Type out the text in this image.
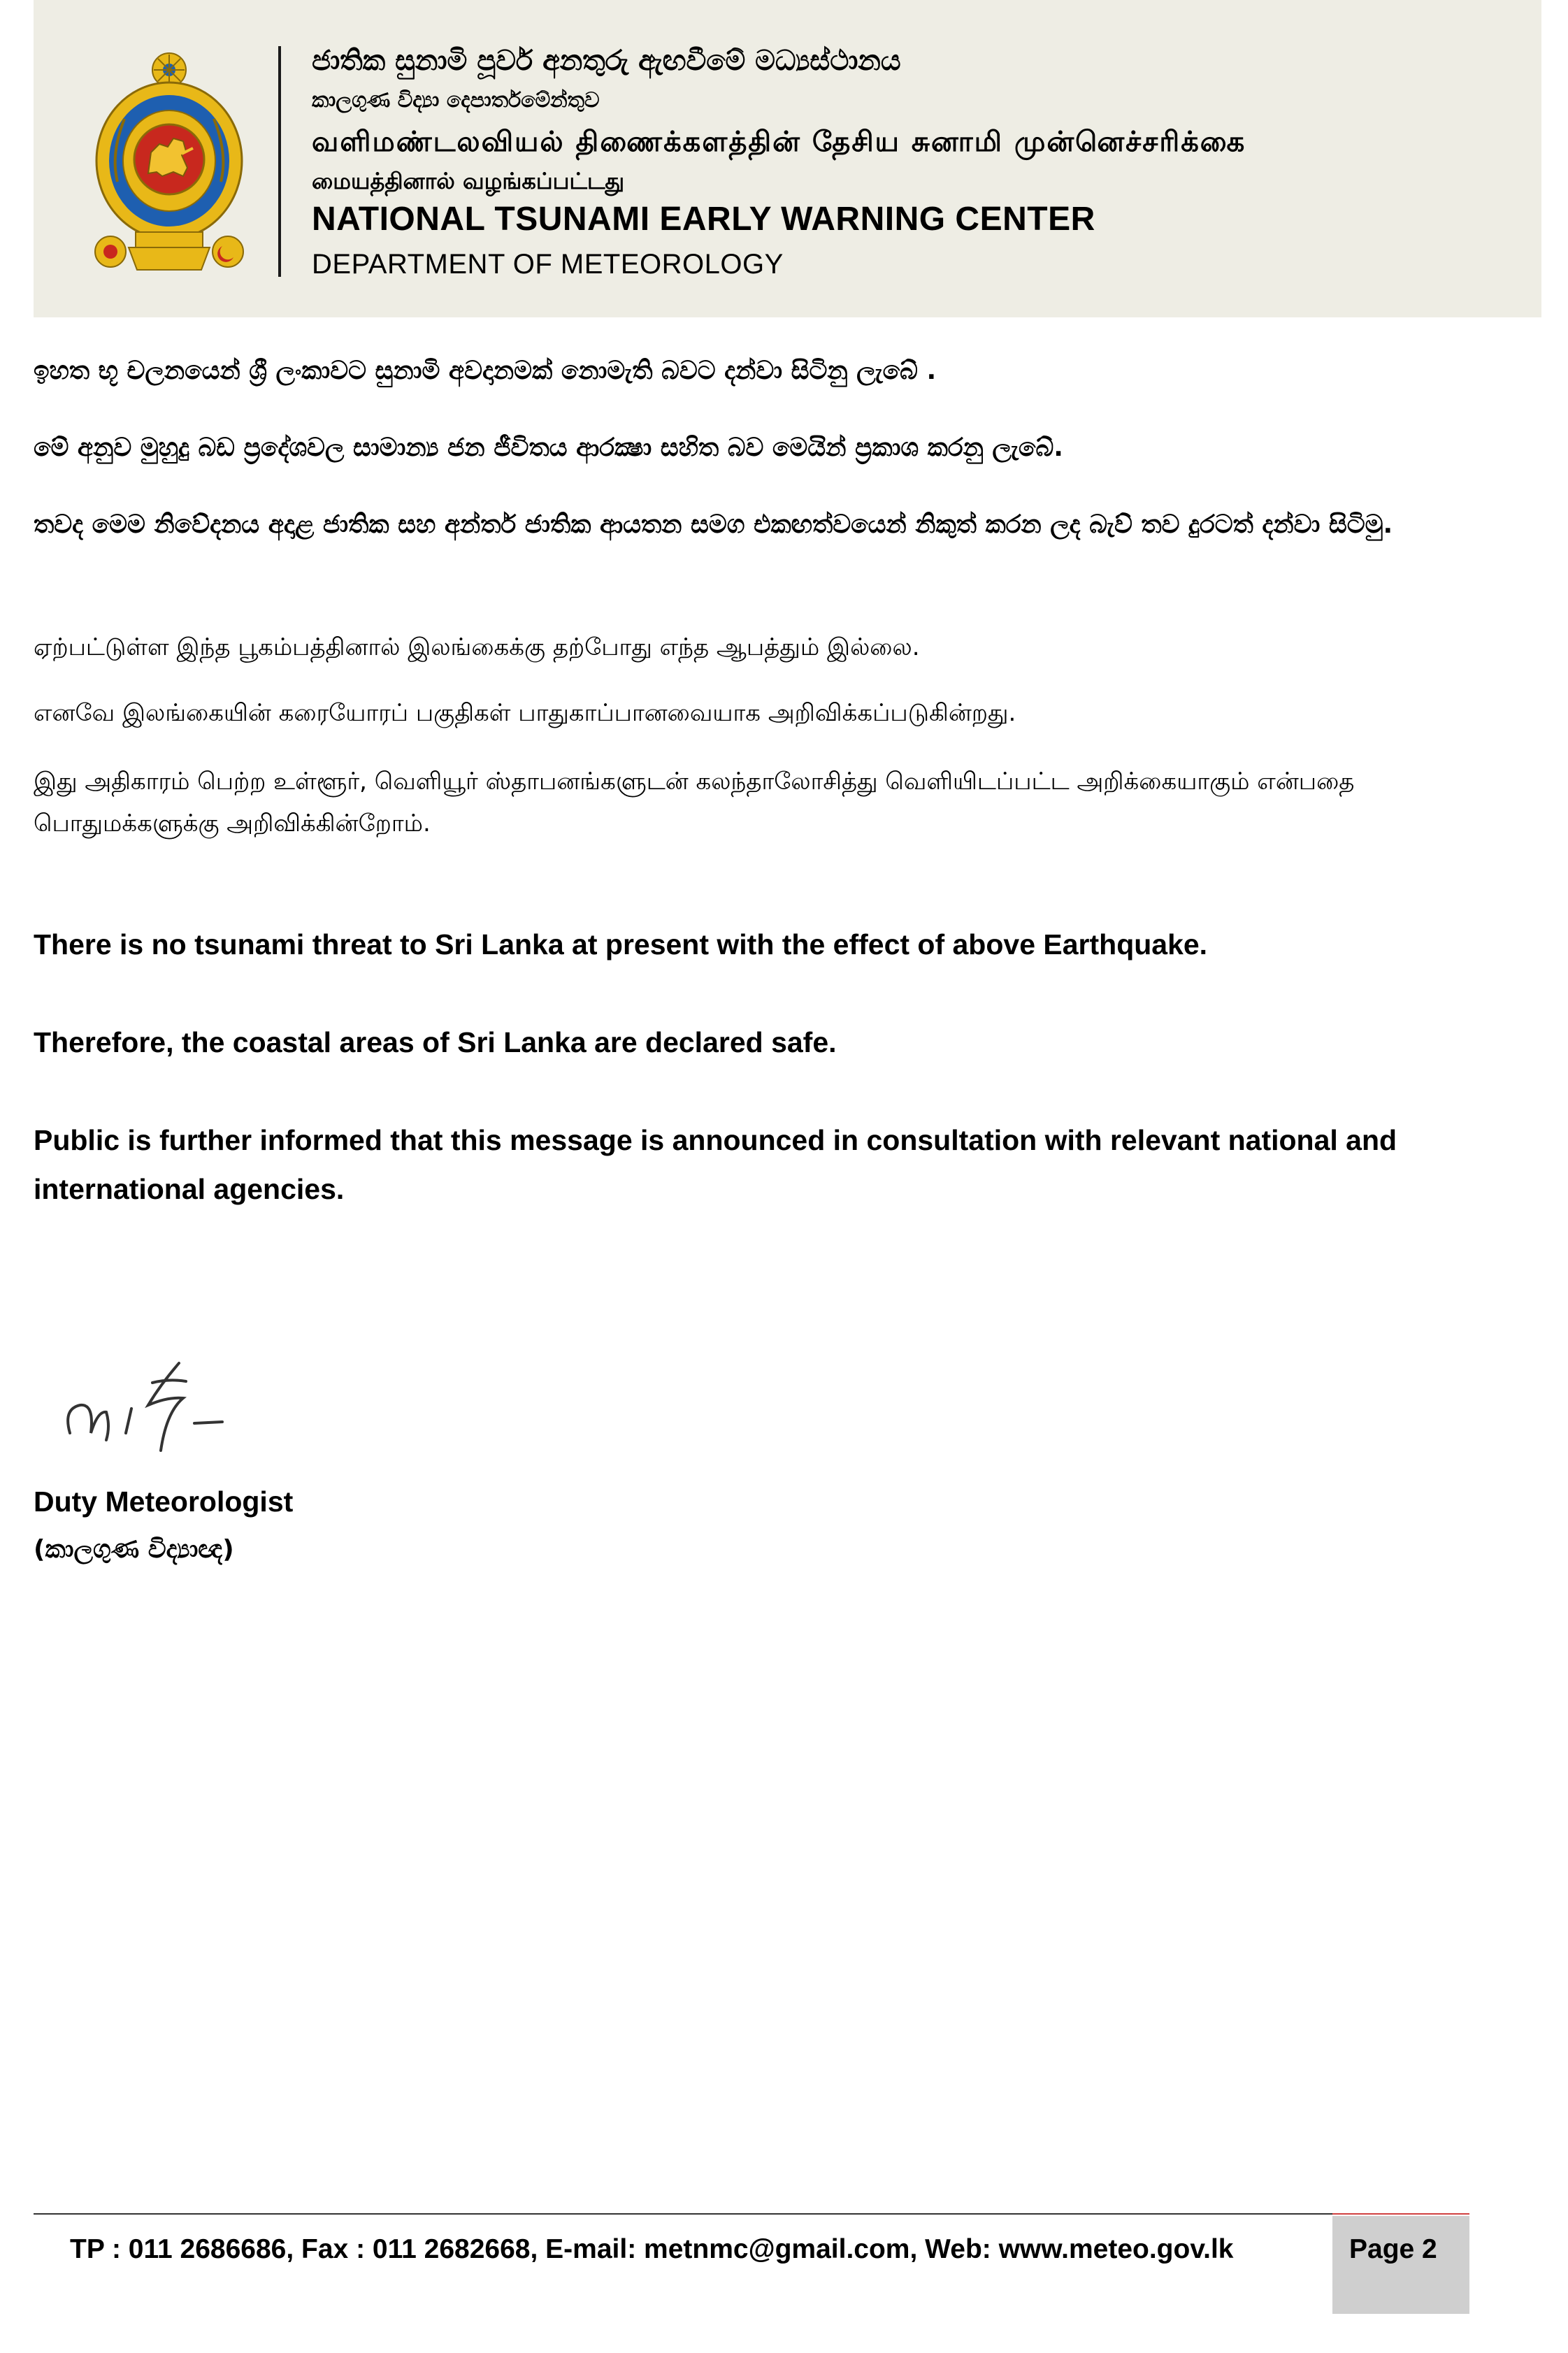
ජාතික සුනාමි පූර්ව අනතුරු ඇඟවීමේ මධ්‍යස්ථානය
කාලගුණ විද්‍යා දෙපාර්තමේන්තුව
வளிமண்டலவியல் திணைக்களத்தின் தேசிய சுனாமி முன்னெச்சரிக்கை
மையத்தினால் வழங்கப்பட்டது
NATIONAL TSUNAMI EARLY WARNING CENTER
DEPARTMENT OF METEOROLOGY
ඉහත භූ චලනයෙන් ශ්‍රී ලංකාවට සුනාමි අවදානමක් නොමැති බවට දන්වා සිටිනු ලැබේ .
මේ අනුව මුහුදු බඩ ප්‍රදේශවල සාමාන්‍ය ජන ජීවිතය ආරක්‍ෂා සහිත බව මෙයින් ප්‍රකාශ කරනු ලැබේ.
තවද මෙම නිවේදනය අදාළ ජාතික සහ අන්තර් ජාතික ආයතන සමග එකඟත්වයෙන් නිකුත් කරන ලද බැව් තව දුරටත් දන්වා සිටිමු.
ஏற்பட்டுள்ள இந்த பூகம்பத்தினால் இலங்கைக்கு தற்போது எந்த ஆபத்தும் இல்லை.
எனவே இலங்கையின் கரையோரப் பகுதிகள் பாதுகாப்பானவையாக அறிவிக்கப்படுகின்றது.
இது அதிகாரம் பெற்ற உள்ளூர், வெளியூர் ஸ்தாபனங்களுடன் கலந்தாலோசித்து வெளியிடப்பட்ட அறிக்கையாகும் என்பதை பொதுமக்களுக்கு அறிவிக்கின்றோம்.
There is no tsunami threat to Sri Lanka at present with the effect of above Earthquake.
Therefore, the coastal areas of Sri Lanka are declared safe.
Public is further informed that this message is announced in consultation with relevant national and international agencies.
Duty Meteorologist
(කාලගුණ විද්‍යාඥ)
TP : 011 2686686, Fax : 011 2682668, E-mail: metnmc@gmail.com, Web: www.meteo.gov.lk	Page 2
